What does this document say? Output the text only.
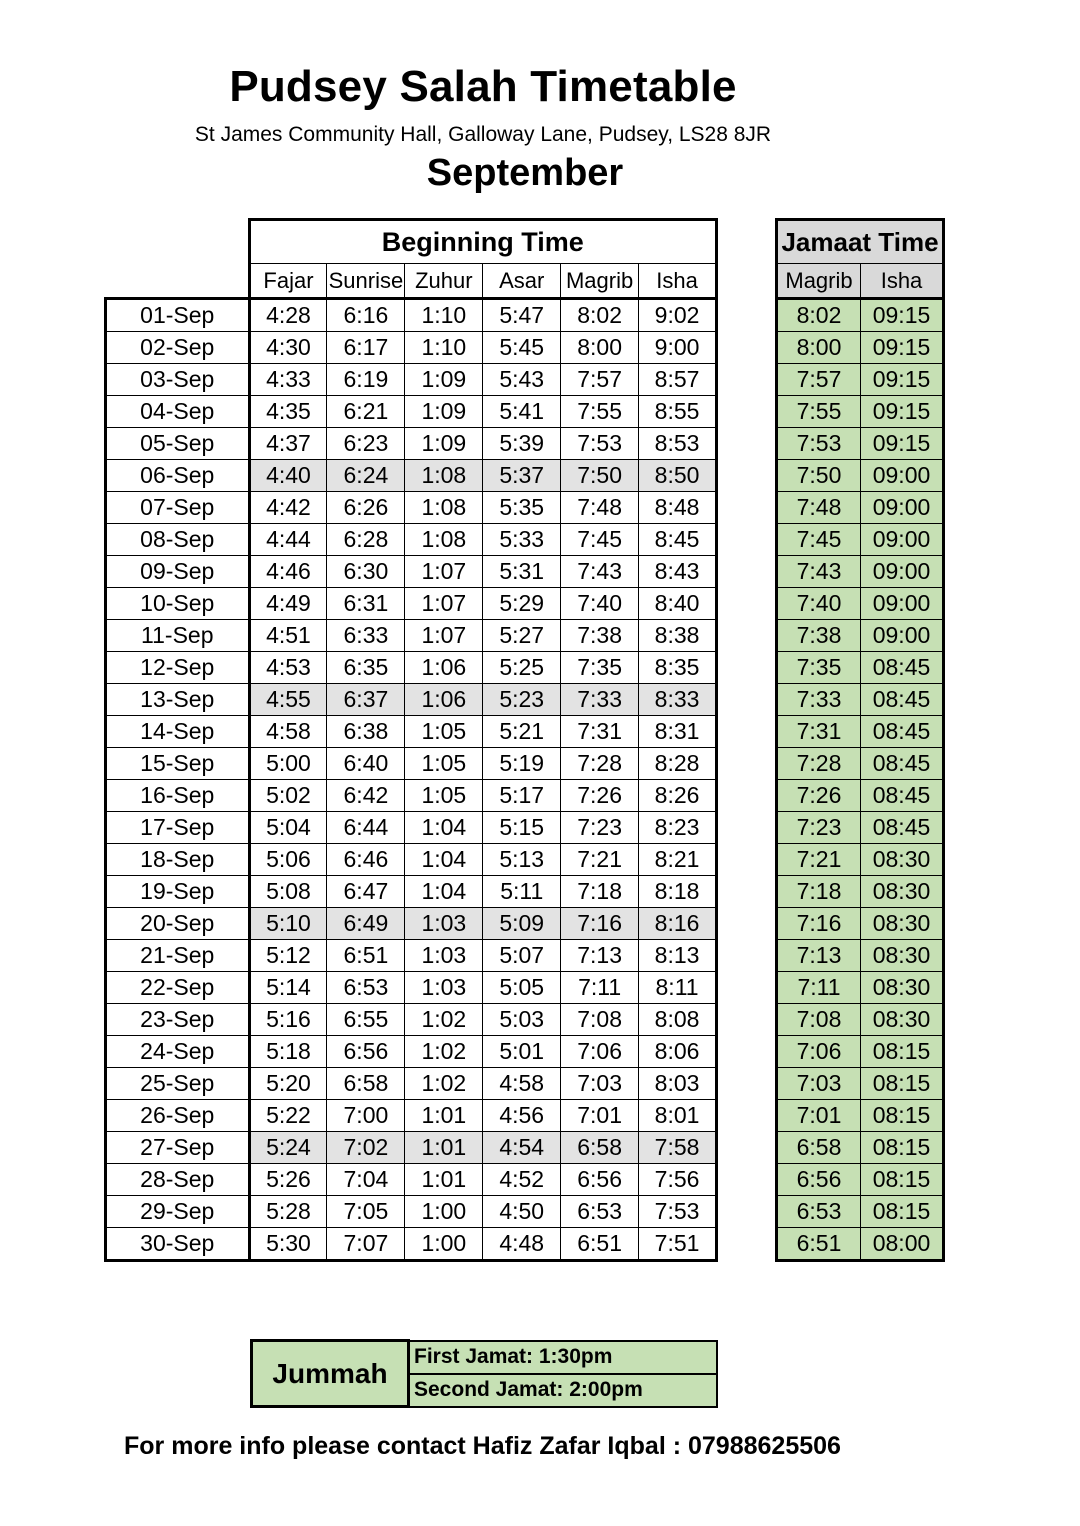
Pudsey Salah Timetable
St James Community Hall, Galloway Lane, Pudsey, LS28 8JR
September
	Beginning Time					
	Fajar	Sunrise	Zuhur	Asar	Magrib	Isha
01-Sep	4:28	6:16	1:10	5:47	8:02	9:02
02-Sep	4:30	6:17	1:10	5:45	8:00	9:00
03-Sep	4:33	6:19	1:09	5:43	7:57	8:57
04-Sep	4:35	6:21	1:09	5:41	7:55	8:55
05-Sep	4:37	6:23	1:09	5:39	7:53	8:53
06-Sep	4:40	6:24	1:08	5:37	7:50	8:50
07-Sep	4:42	6:26	1:08	5:35	7:48	8:48
08-Sep	4:44	6:28	1:08	5:33	7:45	8:45
09-Sep	4:46	6:30	1:07	5:31	7:43	8:43
10-Sep	4:49	6:31	1:07	5:29	7:40	8:40
11-Sep	4:51	6:33	1:07	5:27	7:38	8:38
12-Sep	4:53	6:35	1:06	5:25	7:35	8:35
13-Sep	4:55	6:37	1:06	5:23	7:33	8:33
14-Sep	4:58	6:38	1:05	5:21	7:31	8:31
15-Sep	5:00	6:40	1:05	5:19	7:28	8:28
16-Sep	5:02	6:42	1:05	5:17	7:26	8:26
17-Sep	5:04	6:44	1:04	5:15	7:23	8:23
18-Sep	5:06	6:46	1:04	5:13	7:21	8:21
19-Sep	5:08	6:47	1:04	5:11	7:18	8:18
20-Sep	5:10	6:49	1:03	5:09	7:16	8:16
21-Sep	5:12	6:51	1:03	5:07	7:13	8:13
22-Sep	5:14	6:53	1:03	5:05	7:11	8:11
23-Sep	5:16	6:55	1:02	5:03	7:08	8:08
24-Sep	5:18	6:56	1:02	5:01	7:06	8:06
25-Sep	5:20	6:58	1:02	4:58	7:03	8:03
26-Sep	5:22	7:00	1:01	4:56	7:01	8:01
27-Sep	5:24	7:02	1:01	4:54	6:58	7:58
28-Sep	5:26	7:04	1:01	4:52	6:56	7:56
29-Sep	5:28	7:05	1:00	4:50	6:53	7:53
30-Sep	5:30	7:07	1:00	4:48	6:51	7:51
Jamaat Time	
Magrib	Isha
8:02	09:15
8:00	09:15
7:57	09:15
7:55	09:15
7:53	09:15
7:50	09:00
7:48	09:00
7:45	09:00
7:43	09:00
7:40	09:00
7:38	09:00
7:35	08:45
7:33	08:45
7:31	08:45
7:28	08:45
7:26	08:45
7:23	08:45
7:21	08:30
7:18	08:30
7:16	08:30
7:13	08:30
7:11	08:30
7:08	08:30
7:06	08:15
7:03	08:15
7:01	08:15
6:58	08:15
6:56	08:15
6:53	08:15
6:51	08:00
Jummah	First Jamat: 1:30pm
Second Jamat: 2:00pm
For more info please contact Hafiz Zafar Iqbal : 07988625506
